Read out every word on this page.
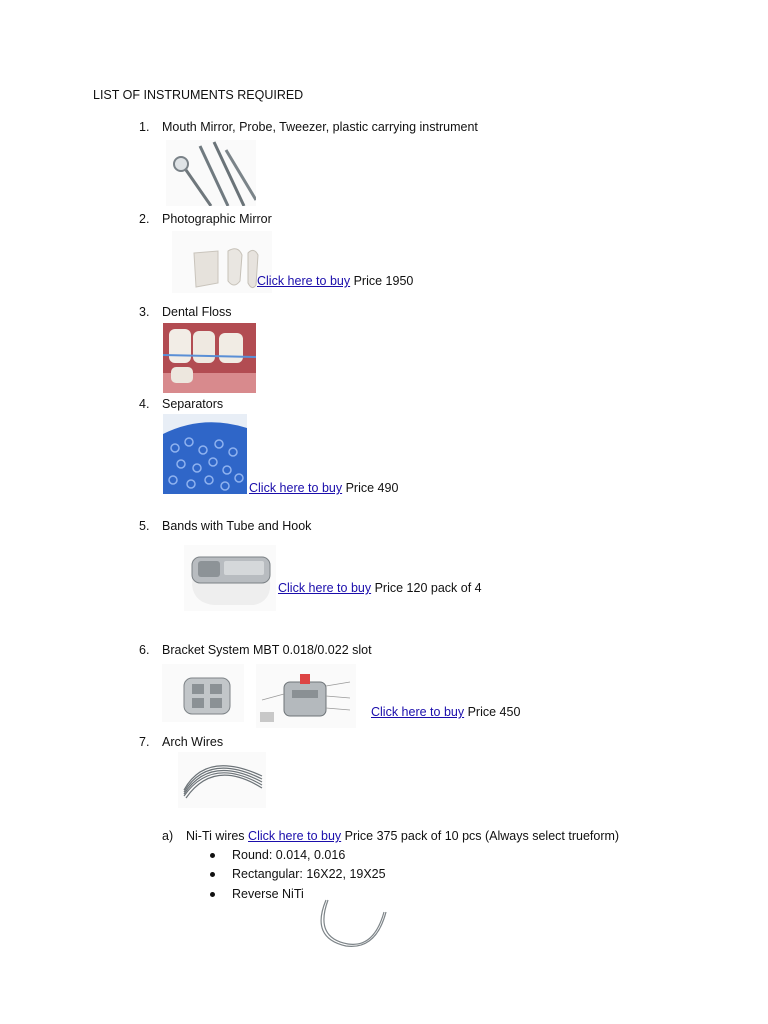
LIST OF INSTRUMENTS REQUIRED
1. Mouth Mirror, Probe, Tweezer, plastic carrying instrument
2. Photographic Mirror
Click here to buy Price 1950
3. Dental Floss
4. Separators
Click here to buy Price 490
5. Bands with Tube and Hook
Click here to buy Price 120 pack of 4
6. Bracket System MBT 0.018/0.022 slot
Click here to buy Price 450
7. Arch Wires
a) Ni-Ti wires Click here to buy Price 375 pack of 10 pcs (Always select trueform)
Round: 0.014, 0.016
Rectangular: 16X22, 19X25
Reverse NiTi
